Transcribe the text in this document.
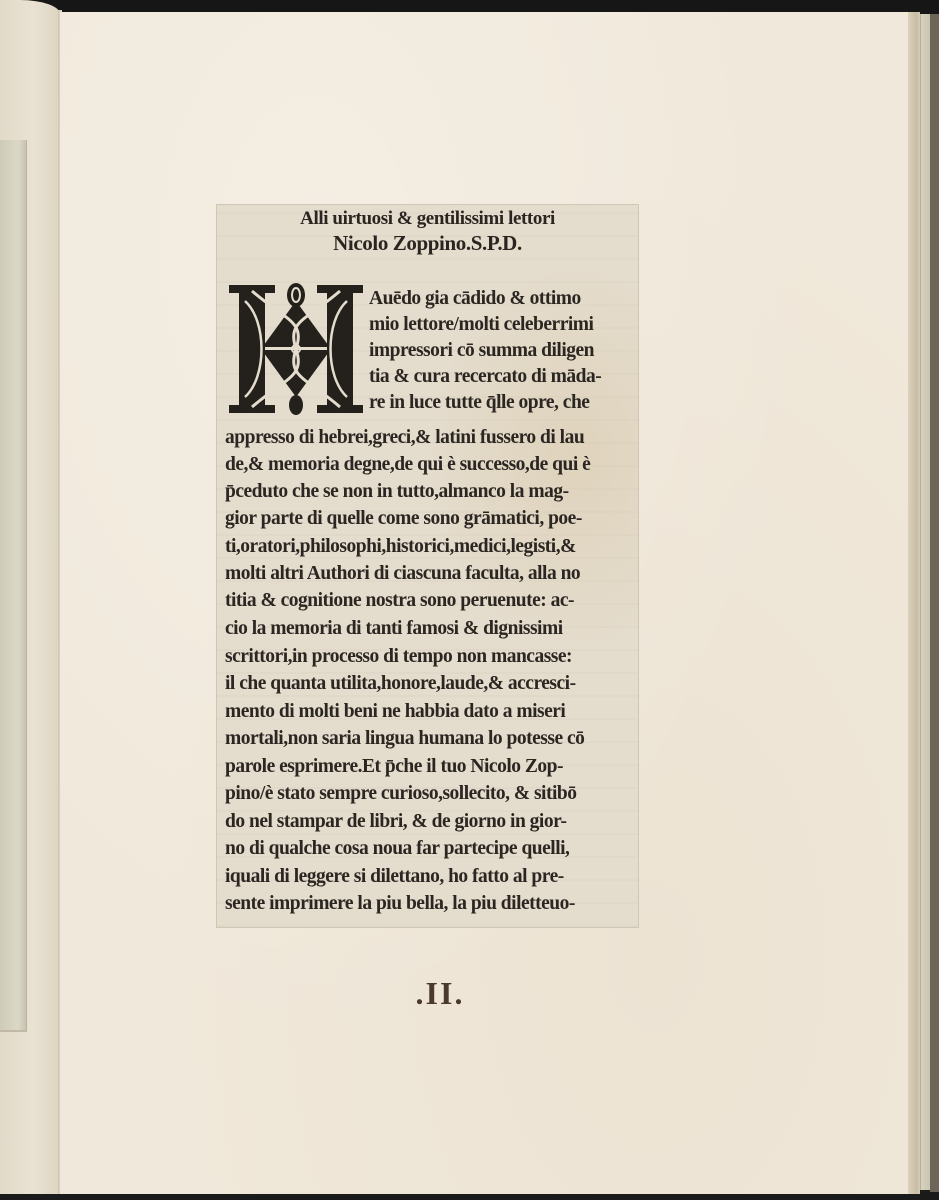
Alli uirtuosi & gentilissimi lettori
Nicolo Zoppino.S.P.D.
Auēdo gia cādido & ottimo
mio lettore/molti celeberrimi
impressori cō summa diligen
tia & cura recercato di māda-
re in luce tutte q̄lle opre, che
appresso di hebrei,greci,& latini fussero di lau
de,& memoria degne,de qui è successo,de qui è
p̄ceduto che se non in tutto,almanco la mag-
gior parte di quelle come sono grāmatici, poe-
ti,oratori,philosophi,historici,medici,legisti,&
molti altri Authori di ciascuna faculta, alla no
titia & cognitione nostra sono peruenute: ac-
cio la memoria di tanti famosi & dignissimi
scrittori,in processo di tempo non mancasse:
il che quanta utilita,honore,laude,& accresci-
mento di molti beni ne habbia dato a miseri
mortali,non saria lingua humana lo potesse cō
parole esprimere.Et p̄che il tuo Nicolo Zop-
pino/è stato sempre curioso,sollecito, & sitibō
do nel stampar de libri, & de giorno in gior-
no di qualche cosa noua far partecipe quelli,
iquali di leggere si dilettano, ho fatto al pre-
sente imprimere la piu bella, la piu diletteuo-
.II.
